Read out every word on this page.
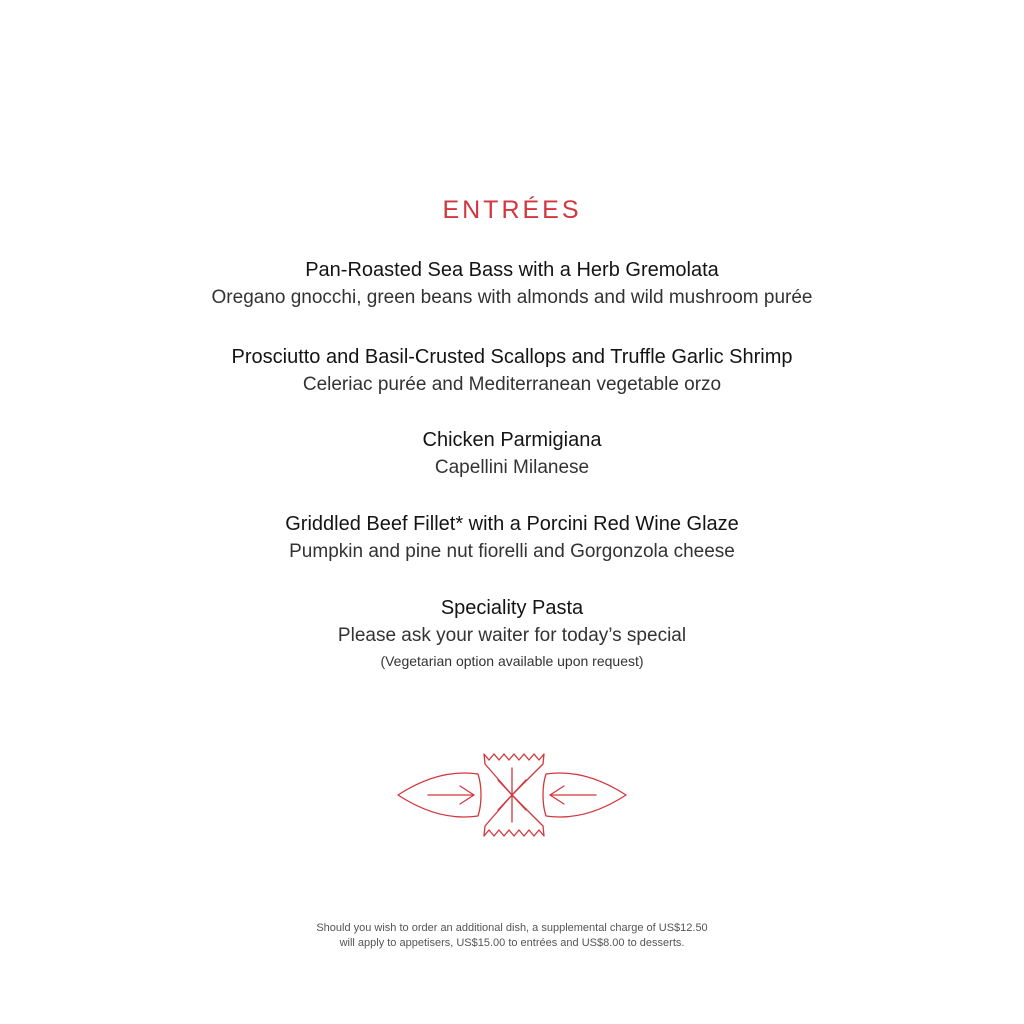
ENTRÉES
Pan-Roasted Sea Bass with a Herb Gremolata
Oregano gnocchi, green beans with almonds and wild mushroom purée
Prosciutto and Basil-Crusted Scallops and Truffle Garlic Shrimp
Celeriac purée and Mediterranean vegetable orzo
Chicken Parmigiana
Capellini Milanese
Griddled Beef Fillet* with a Porcini Red Wine Glaze
Pumpkin and pine nut fiorelli and Gorgonzola cheese
Speciality Pasta
Please ask your waiter for today’s special
(Vegetarian option available upon request)
Should you wish to order an additional dish, a supplemental charge of US$12.50
will apply to appetisers, US$15.00 to entrées and US$8.00 to desserts.
